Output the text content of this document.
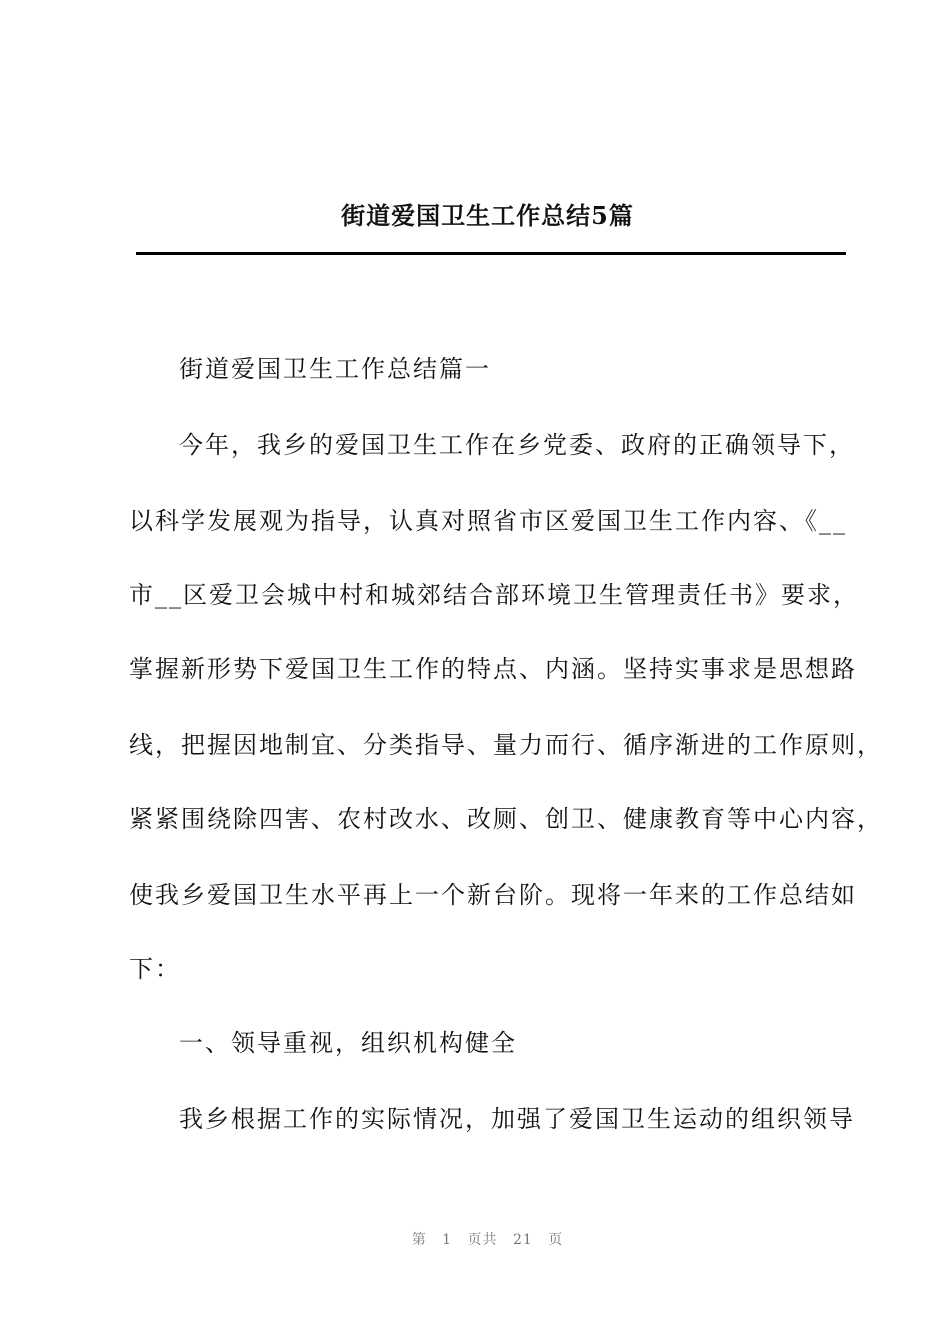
街道爱国卫生工作总结5篇
街道爱国卫生工作总结篇一
今年，我乡的爱国卫生工作在乡党委、政府的正确领导下，
以科学发展观为指导，认真对照省市区爱国卫生工作内容、《__
市__区爱卫会城中村和城郊结合部环境卫生管理责任书》要求，
掌握新形势下爱国卫生工作的特点、内涵。坚持实事求是思想路
线，把握因地制宜、分类指导、量力而行、循序渐进的工作原则，
紧紧围绕除四害、农村改水、改厕、创卫、健康教育等中心内容，
使我乡爱国卫生水平再上一个新台阶。现将一年来的工作总结如
下：
一、领导重视，组织机构健全
我乡根据工作的实际情况，加强了爱国卫生运动的组织领导
第 1 页共 21 页
